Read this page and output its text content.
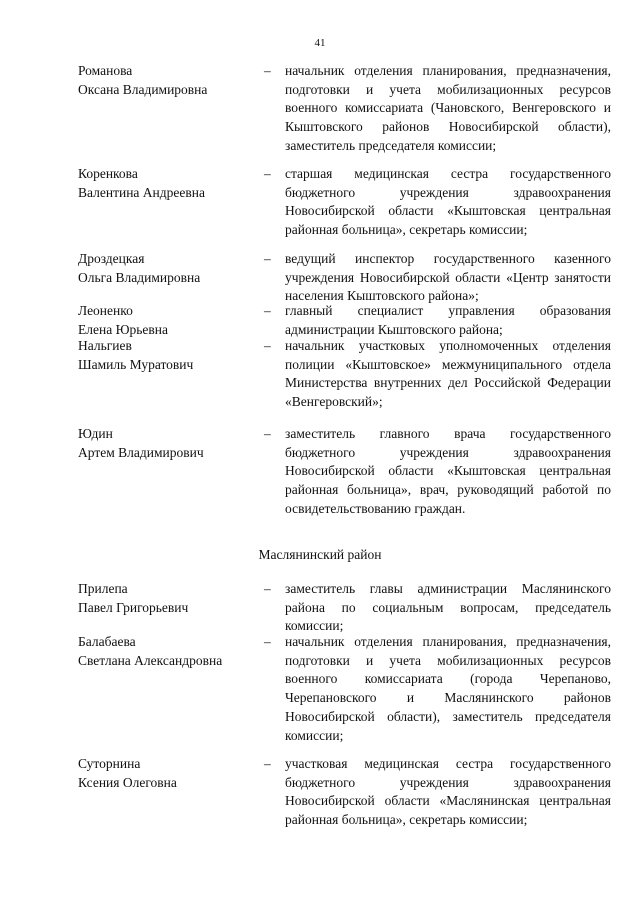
41
Романова
Оксана Владимировна
– начальник отделения планирования, предназначения, подготовки и учета мобилизационных ресурсов военного комиссариата (Чановского, Венгеровского и Кыштовского районов Новосибирской области), заместитель председателя комиссии;
Коренкова
Валентина Андреевна
– старшая медицинская сестра государственного бюджетного учреждения здравоохранения Новосибирской области «Кыштовская центральная районная больница», секретарь комиссии;
Дроздецкая
Ольга Владимировна
– ведущий инспектор государственного казенного учреждения Новосибирской области «Центр занятости населения Кыштовского района»;
Леоненко
Елена Юрьевна
– главный специалист управления образования администрации Кыштовского района;
Нальгиев
Шамиль Муратович
– начальник участковых уполномоченных отделения полиции «Кыштовское» межмуниципального отдела Министерства внутренних дел Российской Федерации «Венгеровский»;
Юдин
Артем Владимирович
– заместитель главного врача государственного бюджетного учреждения здравоохранения Новосибирской области «Кыштовская центральная районная больница», врач, руководящий работой по освидетельствованию граждан.
Маслянинский район
Прилепа
Павел Григорьевич
– заместитель главы администрации Маслянинского района по социальным вопросам, председатель комиссии;
Балабаева
Светлана Александровна
– начальник отделения планирования, предназначения, подготовки и учета мобилизационных ресурсов военного комиссариата (города Черепаново, Черепановского и Маслянинского районов Новосибирской области), заместитель председателя комиссии;
Суторнина
Ксения Олеговна
– участковая медицинская сестра государственного бюджетного учреждения здравоохранения Новосибирской области «Маслянинская центральная районная больница», секретарь комиссии;
